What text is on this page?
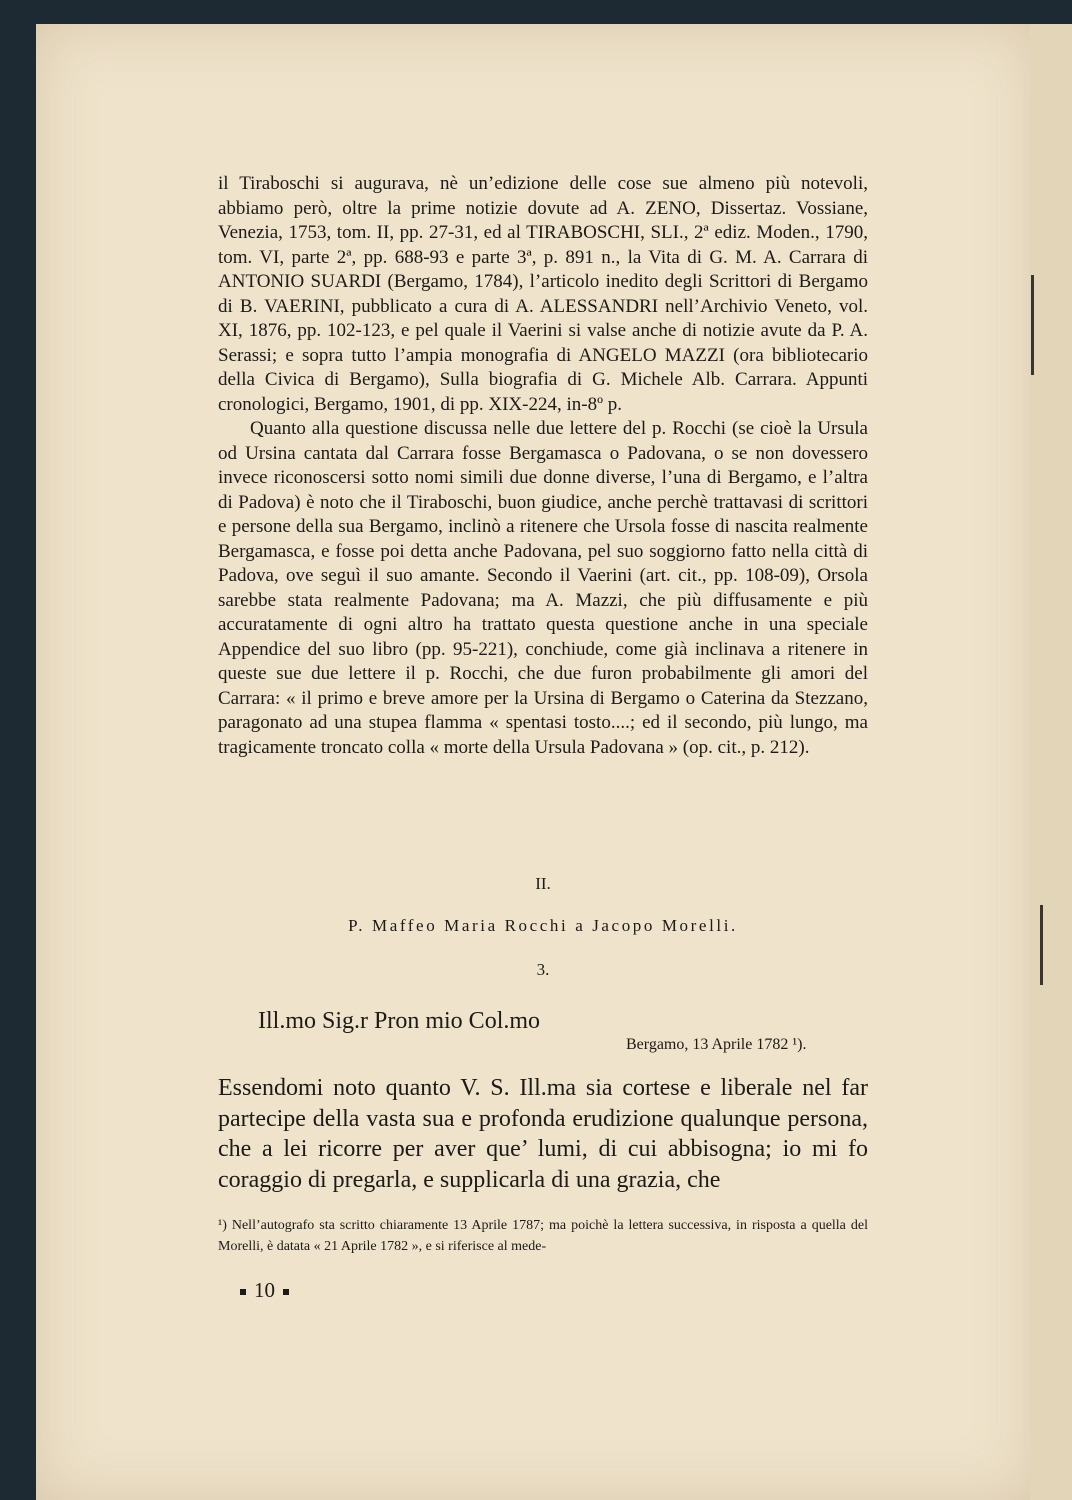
il Tiraboschi si augurava, nè un’edizione delle cose sue almeno più notevoli, abbiamo però, oltre la prime notizie dovute ad A. ZENO, Dissertaz. Vossiane, Venezia, 1753, tom. II, pp. 27-31, ed al TIRABOSCHI, SLI., 2ª ediz. Moden., 1790, tom. VI, parte 2ª, pp. 688-93 e parte 3ª, p. 891 n., la Vita di G. M. A. Carrara di ANTONIO SUARDI (Bergamo, 1784), l’articolo inedito degli Scrittori di Bergamo di B. VAERINI, pubblicato a cura di A. ALESSANDRI nell’Archivio Veneto, vol. XI, 1876, pp. 102-123, e pel quale il Vaerini si valse anche di notizie avute da P. A. Serassi; e sopra tutto l’ampia monografia di ANGELO MAZZI (ora bibliotecario della Civica di Bergamo), Sulla biografia di G. Michele Alb. Carrara. Appunti cronologici, Bergamo, 1901, di pp. XIX-224, in-8º p.

Quanto alla questione discussa nelle due lettere del p. Rocchi (se cioè la Ursula od Ursina cantata dal Carrara fosse Bergamasca o Padovana, o se non dovessero invece riconoscersi sotto nomi simili due donne diverse, l’una di Bergamo, e l’altra di Padova) è noto che il Tiraboschi, buon giudice, anche perchè trattavasi di scrittori e persone della sua Bergamo, inclinò a ritenere che Ursola fosse di nascita realmente Bergamasca, e fosse poi detta anche Padovana, pel suo soggiorno fatto nella città di Padova, ove seguì il suo amante. Secondo il Vaerini (art. cit., pp. 108-09), Orsola sarebbe stata realmente Padovana; ma A. Mazzi, che più diffusamente e più accuratamente di ogni altro ha trattato questa questione anche in una speciale Appendice del suo libro (pp. 95-221), conchiude, come già inclinava a ritenere in queste sue due lettere il p. Rocchi, che due furon probabilmente gli amori del Carrara: « il primo e breve amore per la Ursina di Bergamo o Caterina da Stezzano, paragonato ad una stupea flamma « spentasi tosto....; ed il secondo, più lungo, ma tragicamente troncato colla « morte della Ursula Padovana » (op. cit., p. 212).

II.
P. Maffeo Maria Rocchi a Jacopo Morelli.
3.

Ill.mo Sig.r Pron mio Col.mo

Bergamo, 13 Aprile 1782 ¹).

Essendomi noto quanto V. S. Ill.ma sia cortese e liberale nel far partecipe della vasta sua e profonda erudizione qualunque persona, che a lei ricorre per aver que’ lumi, di cui abbisogna; io mi fo coraggio di pregarla, e supplicarla di una grazia, che

¹) Nell’autografo sta scritto chiaramente 13 Aprile 1787; ma poichè la lettera successiva, in risposta a quella del Morelli, è datata « 21 Aprile 1782 », e si riferisce al mede-

10
